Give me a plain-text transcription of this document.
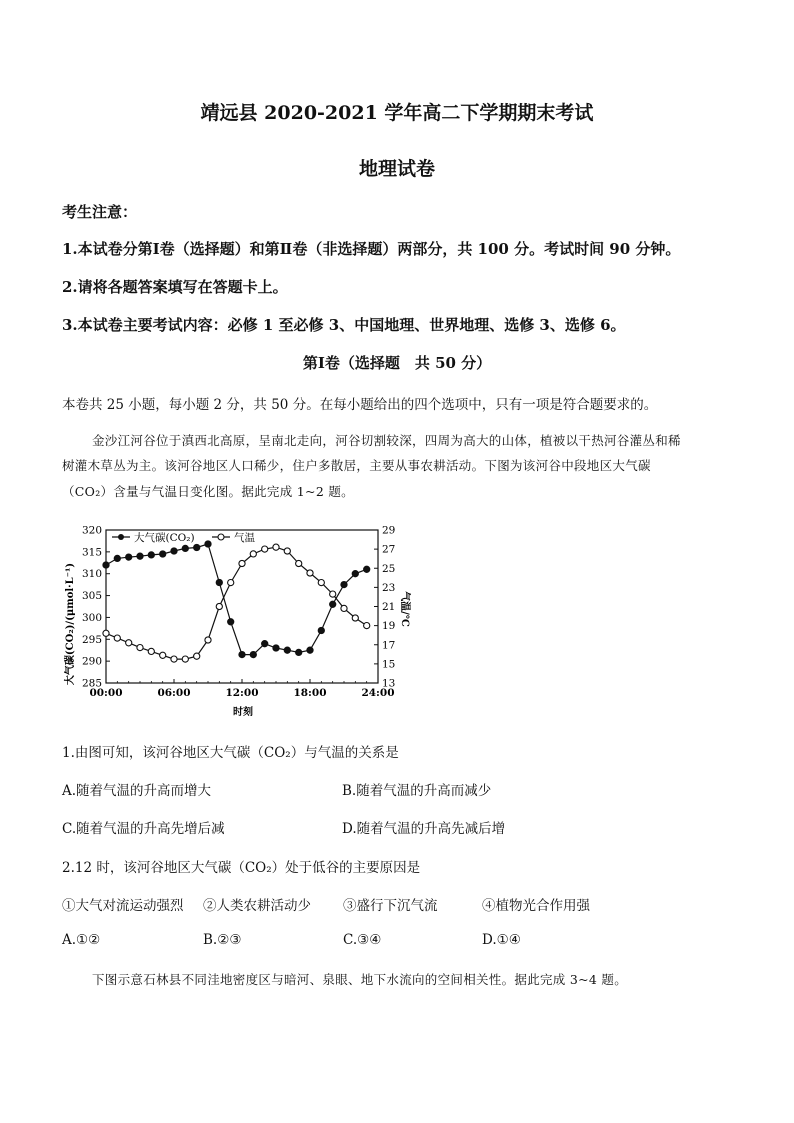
靖远县 2020-2021 学年高二下学期期末考试
地理试卷
考生注意：
1.本试卷分第Ⅰ卷（选择题）和第Ⅱ卷（非选择题）两部分，共 100 分。考试时间 90 分钟。
2.请将各题答案填写在答题卡上。
3.本试卷主要考试内容：必修 1 至必修 3、中国地理、世界地理、选修 3、选修 6。
第Ⅰ卷（选择题　共 50 分）
本卷共 25 小题，每小题 2 分，共 50 分。在每小题给出的四个选项中，只有一项是符合题要求的。
金沙江河谷位于滇西北高原，呈南北走向，河谷切割较深，四周为高大的山体，植被以干热河谷灌丛和稀
树灌木草丛为主。该河谷地区人口稀少，住户多散居，主要从事农耕活动。下图为该河谷中段地区大气碳
（CO₂）含量与气温日变化图。据此完成 1~2 题。
285
290
295
300
305
310
315
320
13
15
17
19
21
23
25
27
29
00:00	06:00	12:00	18:00	24:00
大气碳(CO₂)	气温
大气碳(CO₂)/(μmol·L⁻¹)	气温/℃
时刻
1.由图可知，该河谷地区大气碳（CO₂）与气温的关系是
A.随着气温的升高而增大	B.随着气温的升高而减少
C.随着气温的升高先增后减	D.随着气温的升高先减后增
2.12 时，该河谷地区大气碳（CO₂）处于低谷的主要原因是
①大气对流运动强烈 ②人类农耕活动少 ③盛行下沉气流	④植物光合作用强
A.①②	B.②③	C.③④	D.①④
下图示意石林县不同洼地密度区与暗河、泉眼、地下水流向的空间相关性。据此完成 3~4 题。
